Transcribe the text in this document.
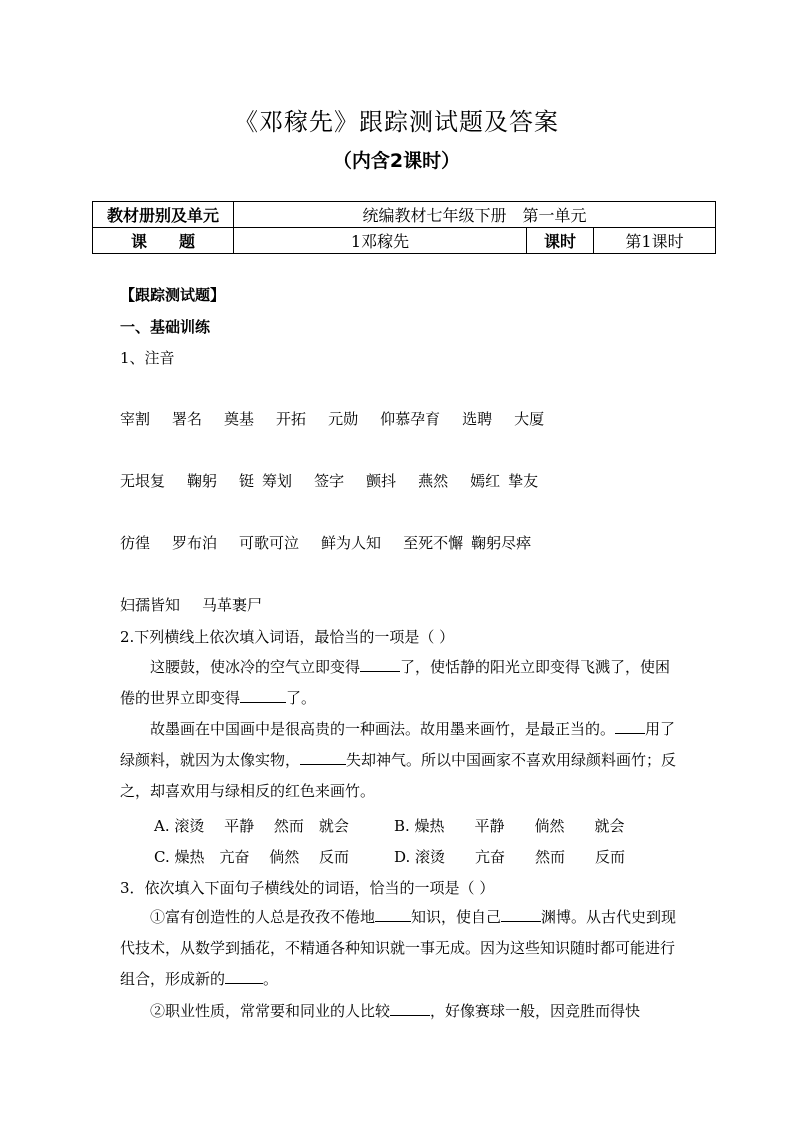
《邓稼先》跟踪测试题及答案
（内含2课时）
教材册别及单元	统编教材七年级下册　第一单元		
课　　题	1邓稼先	课时	第1课时
【跟踪测试题】
一、基础训练
1、注音
宰割 署名 奠基 开拓 元勋 仰慕孕育 选聘 大厦
无垠复 鞠躬 铤 筹划 签字 颤抖 燕然 嫣红 挚友
彷徨 罗布泊 可歌可泣 鲜为人知 至死不懈 鞠躬尽瘁
妇孺皆知 马革裹尸
2.下列横线上依次填入词语，最恰当的一项是（ ）
这腰鼓，使冰冷的空气立即变得	了，使恬静的阳光立即变得飞溅了，使困倦的世界立即变得	了。
故墨画在中国画中是很高贵的一种画法。故用墨来画竹，是最正当的。 用了绿颜料，就因为太像实物，	失却神气。所以中国画家不喜欢用绿颜料画竹；反之，却喜欢用与绿相反的红色来画竹。
A. 滚烫　 平静　 然而　就会	B. 燥热　　平静　　倘然　　就会
C. 燥热　亢奋　 倘然　 反而	D. 滚烫　　亢奋　　然而　　反而
3．依次填入下面句子横线处的词语，恰当的一项是（ ）
①富有创造性的人总是孜孜不倦地 知识，使自己	渊博。从古代史到现代技术，从数学到插花，不精通各种知识就一事无成。因为这些知识随时都可能进行组合，形成新的	。
②职业性质，常常要和同业的人比较	，好像赛球一般，因竞胜而得快
